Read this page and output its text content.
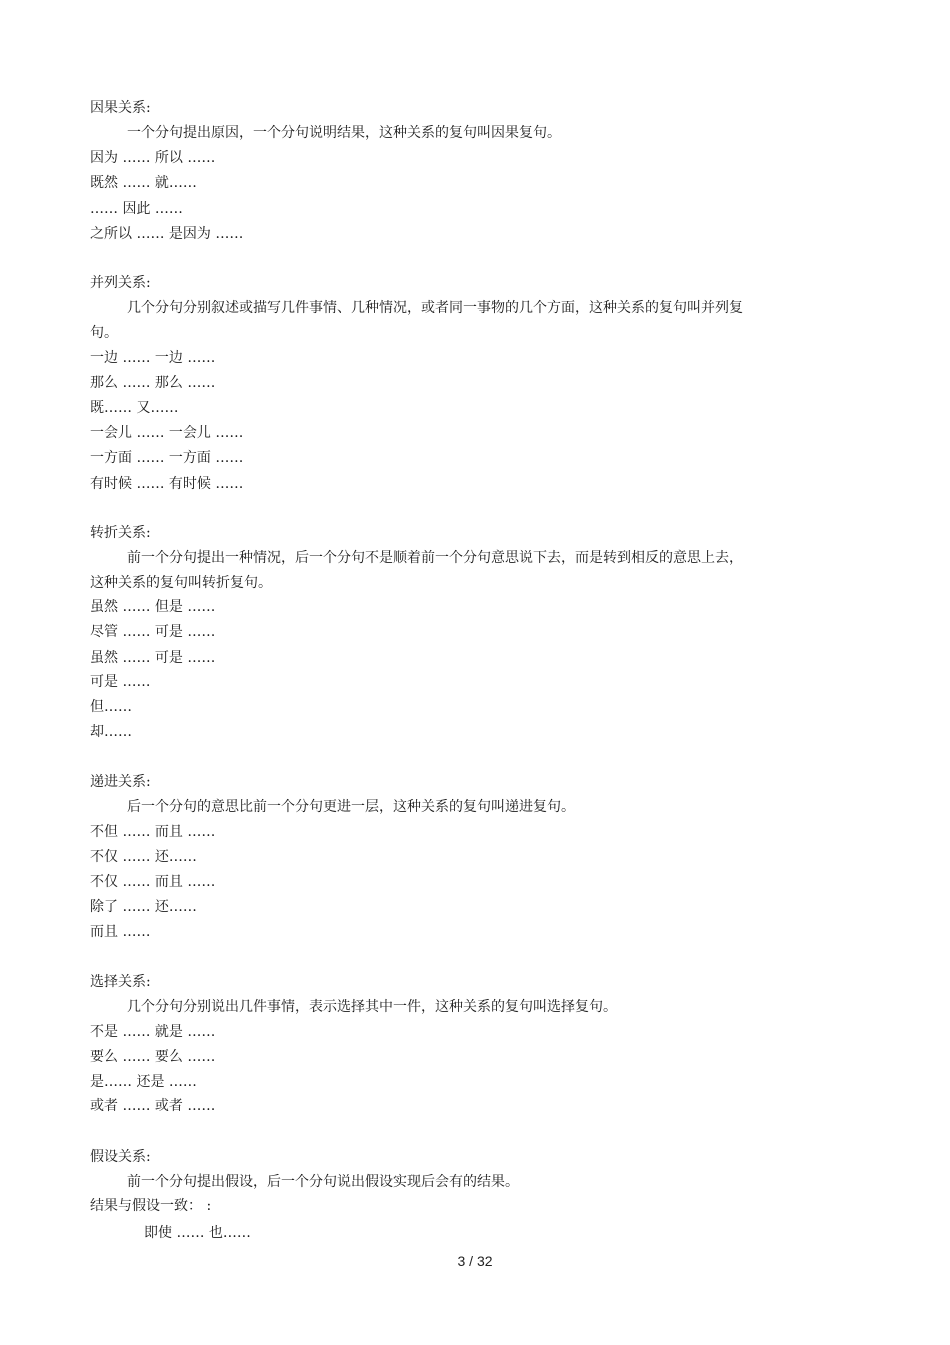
因果关系:
一个分句提出原因，一个分句说明结果，这种关系的复句叫因果复句。
因为 …… 所以 ……
既然 …… 就……
…… 因此 ……
之所以 …… 是因为 ……
并列关系:
几个分句分别叙述或描写几件事情、几种情况，或者同一事物的几个方面，这种关系的复句叫并列复
句。
一边 …… 一边 ……
那么 …… 那么 ……
既…… 又……
一会儿 …… 一会儿 ……
一方面 …… 一方面 ……
有时候 …… 有时候 ……
转折关系:
前一个分句提出一种情况，后一个分句不是顺着前一个分句意思说下去，而是转到相反的意思上去，
这种关系的复句叫转折复句。
虽然 …… 但是 ……
尽管 …… 可是 ……
虽然 …… 可是 ……
可是 ……
但……
却……
递进关系:
后一个分句的意思比前一个分句更进一层，这种关系的复句叫递进复句。
不但 …… 而且 ……
不仅 …… 还……
不仅 …… 而且 ……
除了 …… 还……
而且 ……
选择关系:
几个分句分别说出几件事情，表示选择其中一件，这种关系的复句叫选择复句。
不是 …… 就是 ……
要么 …… 要么 ……
是…… 还是 ……
或者 …… 或者 ……
假设关系:
前一个分句提出假设，后一个分句说出假设实现后会有的结果。
结果与假设一致： :
即使 …… 也……
3 / 32
